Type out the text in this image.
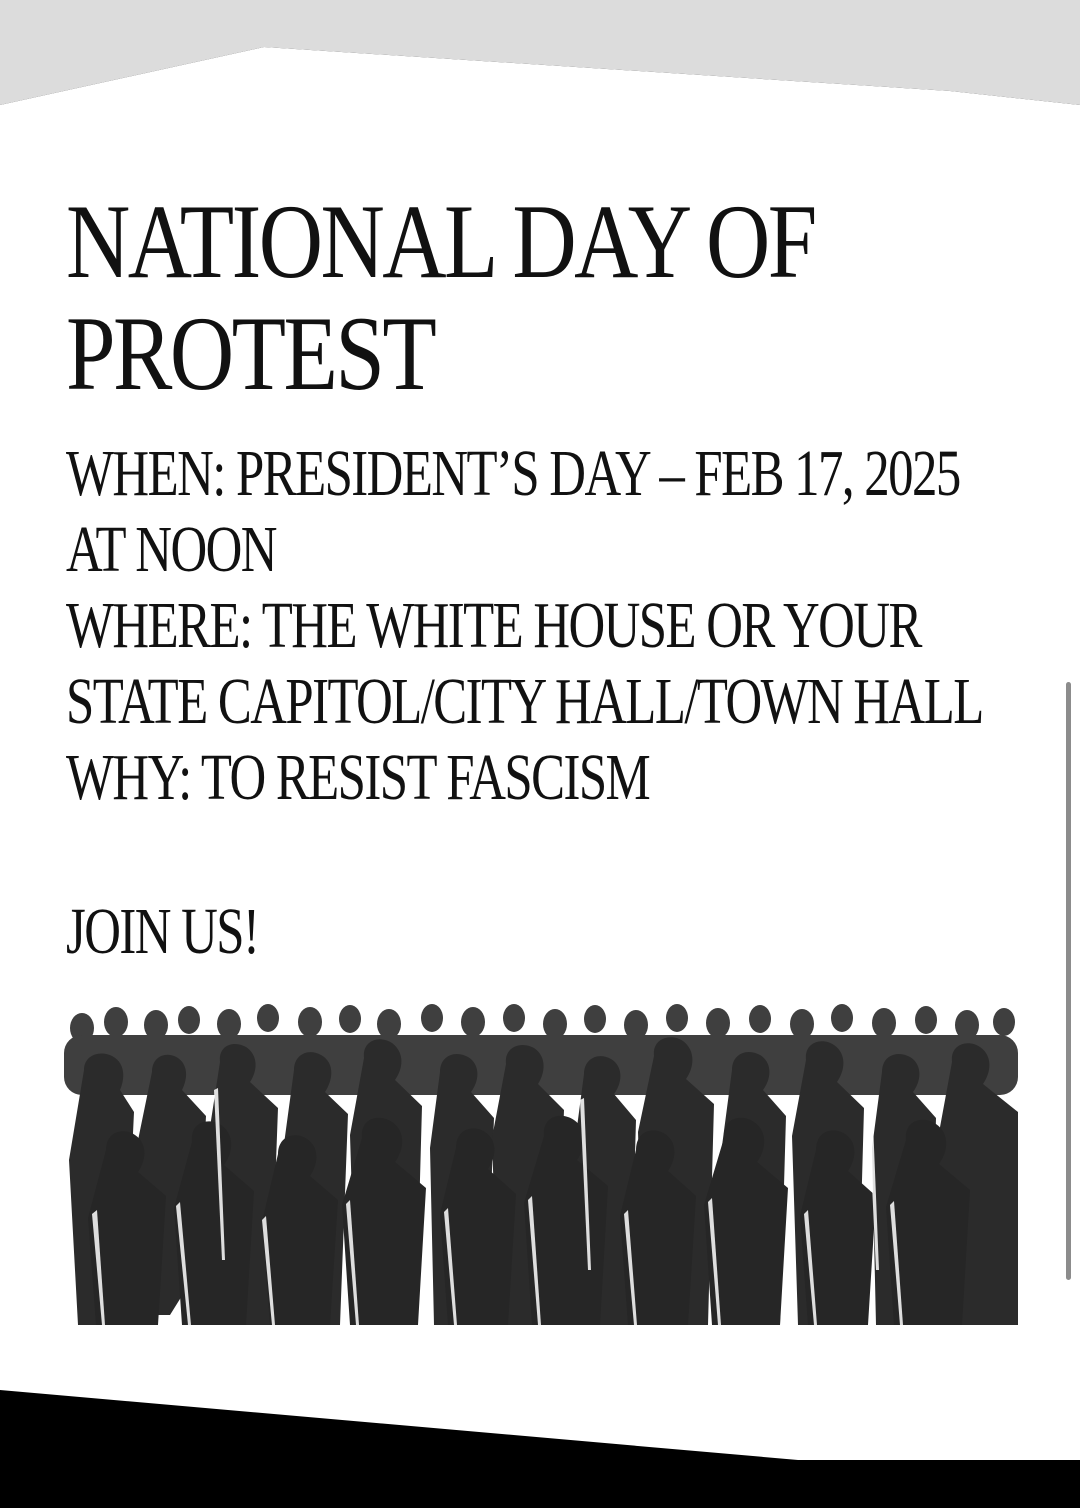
NATIONAL DAY OF
PROTEST
WHEN: PRESIDENT’S DAY – FEB 17, 2025
AT NOON
WHERE: THE WHITE HOUSE OR YOUR
STATE CAPITOL/CITY HALL/TOWN HALL
WHY: TO RESIST FASCISM
JOIN US!
